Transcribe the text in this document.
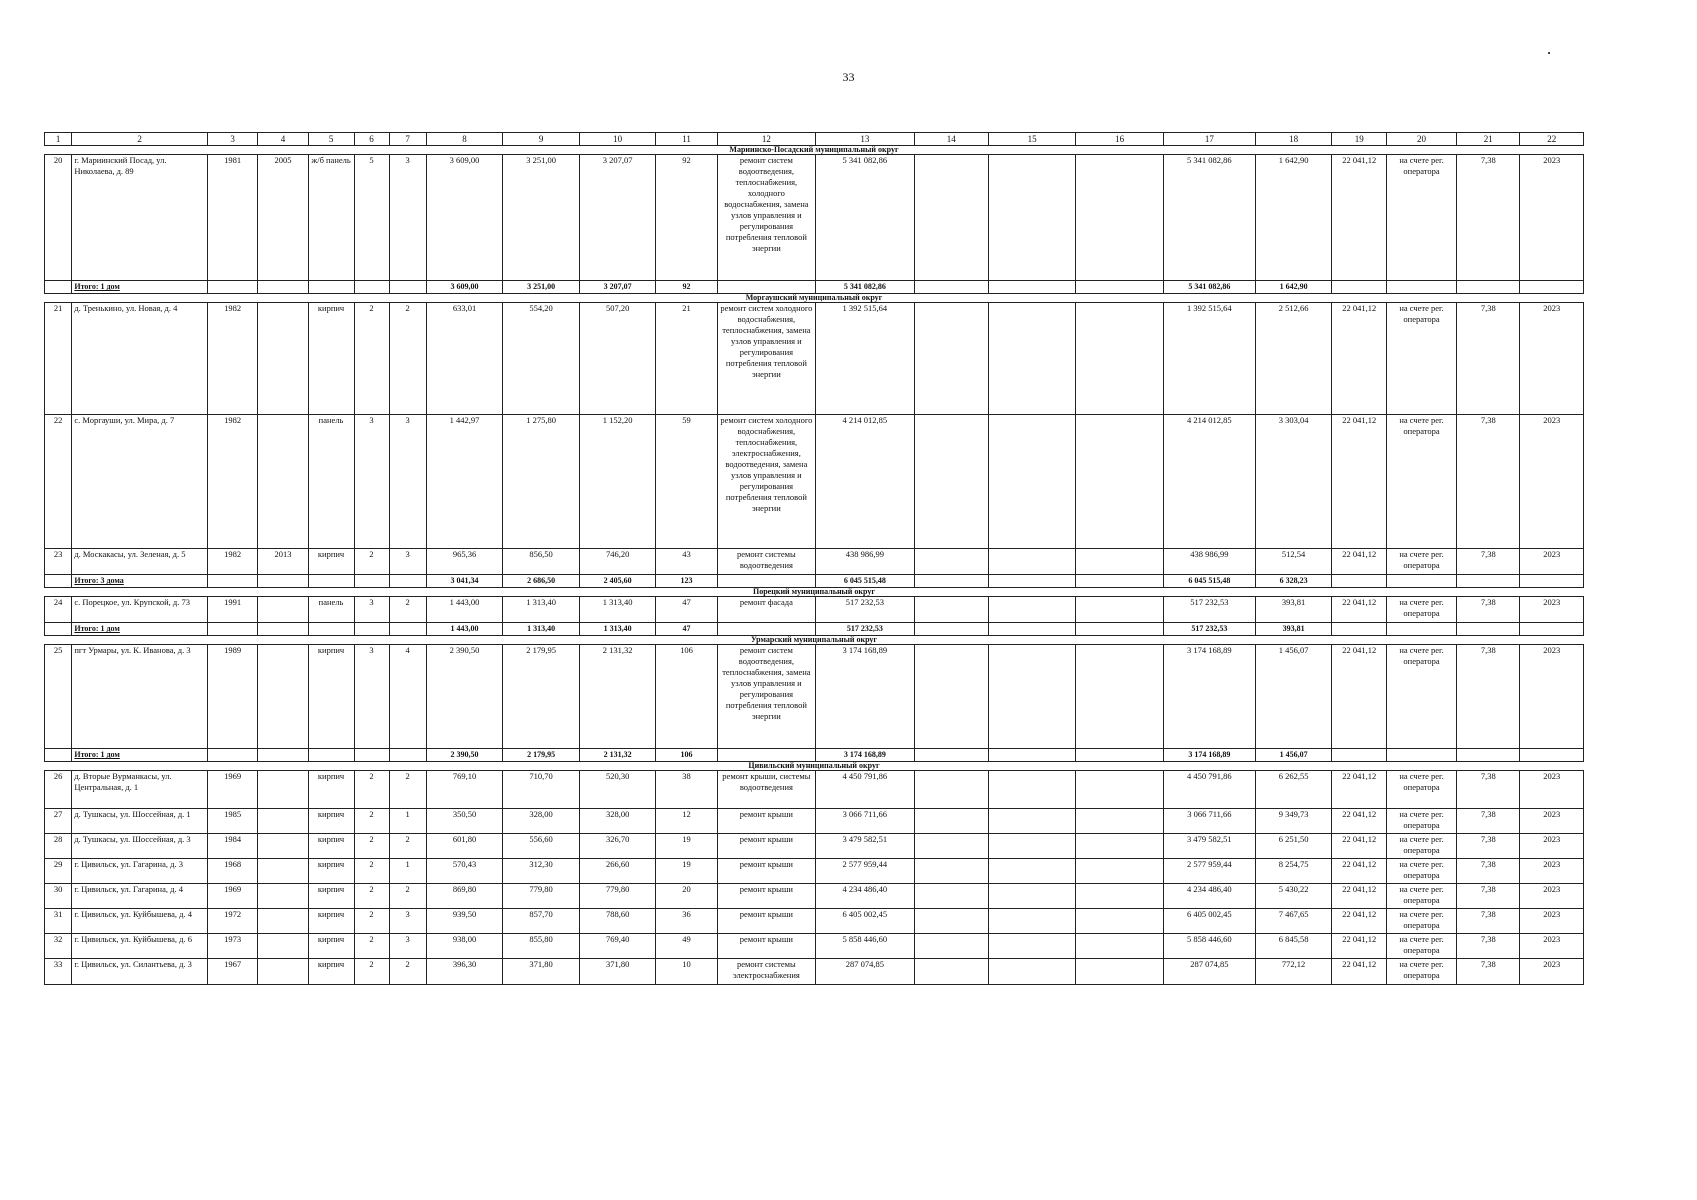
33
1	2	3	4	5	6	7	8	9	10	11	12	13	14	15	16	17	18	19	20	21	22
Мариинско-Посадский муниципальный округ																					
20	г. Мариинский Посад, ул. Николаева, д. 89	1981	2005	ж/б панель	5	3	3 609,00	3 251,00	3 207,07	92	ремонт систем водоотведения, теплоснабжения, холодного водоснабжения, замена узлов управления и регулирования потребления тепловой энергии	5 341 082,86				5 341 082,86	1 642,90	22 041,12	на счете рег. оператора	7,38	2023
	Итого: 1 дом						3 609,00	3 251,00	3 207,07	92		5 341 082,86				5 341 082,86	1 642,90				
Моргаушский муниципальный округ																					
21	д. Тренькино, ул. Новая, д. 4	1982		кирпич	2	2	633,01	554,20	507,20	21	ремонт систем холодного водоснабжения, теплоснабжения, замена узлов управления и регулирования потребления тепловой энергии	1 392 515,64				1 392 515,64	2 512,66	22 041,12	на счете рег. оператора	7,38	2023
22	с. Моргауши, ул. Мира, д. 7	1982		панель	3	3	1 442,97	1 275,80	1 152,20	59	ремонт систем холодного водоснабжения, теплоснабжения, электроснабжения, водоотведения, замена узлов управления и регулирования потребления тепловой энергии	4 214 012,85				4 214 012,85	3 303,04	22 041,12	на счете рег. оператора	7,38	2023
23	д. Москакасы, ул. Зеленая, д. 5	1982	2013	кирпич	2	3	965,36	856,50	746,20	43	ремонт системы водоотведения	438 986,99				438 986,99	512,54	22 041,12	на счете рег. оператора	7,38	2023
	Итого: 3 дома						3 041,34	2 686,50	2 405,60	123		6 045 515,48				6 045 515,48	6 328,23				
Порецкий муниципальный округ																					
24	с. Порецкое, ул. Крупской, д. 73	1991		панель	3	2	1 443,00	1 313,40	1 313,40	47	ремонт фасада	517 232,53				517 232,53	393,81	22 041,12	на счете рег. оператора	7,38	2023
	Итого: 1 дом						1 443,00	1 313,40	1 313,40	47		517 232,53				517 232,53	393,81				
Урмарский муниципальный округ																					
25	пгт Урмары, ул. К. Иванова, д. 3	1989		кирпич	3	4	2 390,50	2 179,95	2 131,32	106	ремонт систем водоотведения, теплоснабжения, замена узлов управления и регулирования потребления тепловой энергии	3 174 168,89				3 174 168,89	1 456,07	22 041,12	на счете рег. оператора	7,38	2023
	Итого: 1 дом						2 390,50	2 179,95	2 131,32	106		3 174 168,89				3 174 168,89	1 456,07				
Цивильский муниципальный округ																					
26	д. Вторые Вурманкасы, ул. Центральная, д. 1	1969		кирпич	2	2	769,10	710,70	520,30	38	ремонт крыши, системы водоотведения	4 450 791,86				4 450 791,86	6 262,55	22 041,12	на счете рег. оператора	7,38	2023
27	д. Тушкасы, ул. Шоссейная, д. 1	1985		кирпич	2	1	350,50	328,00	328,00	12	ремонт крыши	3 066 711,66				3 066 711,66	9 349,73	22 041,12	на счете рег. оператора	7,38	2023
28	д. Тушкасы, ул. Шоссейная, д. 3	1984		кирпич	2	2	601,80	556,60	326,70	19	ремонт крыши	3 479 582,51				3 479 582,51	6 251,50	22 041,12	на счете рег. оператора	7,38	2023
29	г. Цивильск, ул. Гагарина, д. 3	1968		кирпич	2	1	570,43	312,30	266,60	19	ремонт крыши	2 577 959,44				2 577 959,44	8 254,75	22 041,12	на счете рег. оператора	7,38	2023
30	г. Цивильск, ул. Гагарина, д. 4	1969		кирпич	2	2	869,80	779,80	779,80	20	ремонт крыши	4 234 486,40				4 234 486,40	5 430,22	22 041,12	на счете рег. оператора	7,38	2023
31	г. Цивильск, ул. Куйбышева, д. 4	1972		кирпич	2	3	939,50	857,70	788,60	36	ремонт крыши	6 405 002,45				6 405 002,45	7 467,65	22 041,12	на счете рег. оператора	7,38	2023
32	г. Цивильск, ул. Куйбышева, д. 6	1973		кирпич	2	3	938,00	855,80	769,40	49	ремонт крыши	5 858 446,60				5 858 446,60	6 845,58	22 041,12	на счете рег. оператора	7,38	2023
33	г. Цивильск, ул. Силантьева, д. 3	1967		кирпич	2	2	396,30	371,80	371,80	10	ремонт системы электроснабжения	287 074,85				287 074,85	772,12	22 041,12	на счете рег. оператора	7,38	2023
